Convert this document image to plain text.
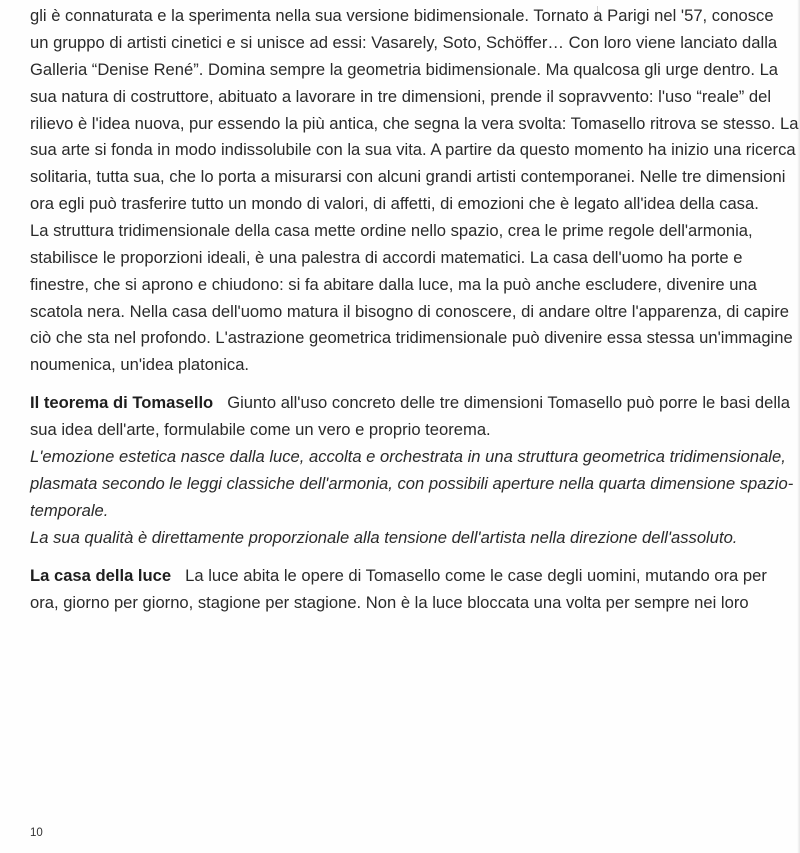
gli è connaturata e la sperimenta nella sua versione bidimensionale. Tornato a Parigi nel '57, conosce
un gruppo di artisti cinetici e si unisce ad essi: Vasarely, Soto, Schöffer… Con loro viene lanciato dalla
Galleria “Denise René”. Domina sempre la geometria bidimensionale. Ma qualcosa gli urge dentro. La
sua natura di costruttore, abituato a lavorare in tre dimensioni, prende il sopravvento: l'uso “reale” del
rilievo è l'idea nuova, pur essendo la più antica, che segna la vera svolta: Tomasello ritrova se stesso. La
sua arte si fonda in modo indissolubile con la sua vita. A partire da questo momento ha inizio una ricerca
solitaria, tutta sua, che lo porta a misurarsi con alcuni grandi artisti contemporanei. Nelle tre dimensioni
ora egli può trasferire tutto un mondo di valori, di affetti, di emozioni che è legato all'idea della casa.
La struttura tridimensionale della casa mette ordine nello spazio, crea le prime regole dell'armonia,
stabilisce le proporzioni ideali, è una palestra di accordi matematici. La casa dell'uomo ha porte e
finestre, che si aprono e chiudono: si fa abitare dalla luce, ma la può anche escludere, divenire una
scatola nera. Nella casa dell'uomo matura il bisogno di conoscere, di andare oltre l'apparenza, di capire
ciò che sta nel profondo. L'astrazione geometrica tridimensionale può divenire essa stessa un'immagine
noumenica, un'idea platonica.
Il teorema di Tomasello Giunto all'uso concreto delle tre dimensioni Tomasello può porre le basi della
sua idea dell'arte, formulabile come un vero e proprio teorema.
L'emozione estetica nasce dalla luce, accolta e orchestrata in una struttura geometrica tridimensionale,
plasmata secondo le leggi classiche dell'armonia, con possibili aperture nella quarta dimensione spazio-
temporale.
La sua qualità è direttamente proporzionale alla tensione dell'artista nella direzione dell'assoluto.
La casa della luce La luce abita le opere di Tomasello come le case degli uomini, mutando ora per
ora, giorno per giorno, stagione per stagione. Non è la luce bloccata una volta per sempre nei loro
10
